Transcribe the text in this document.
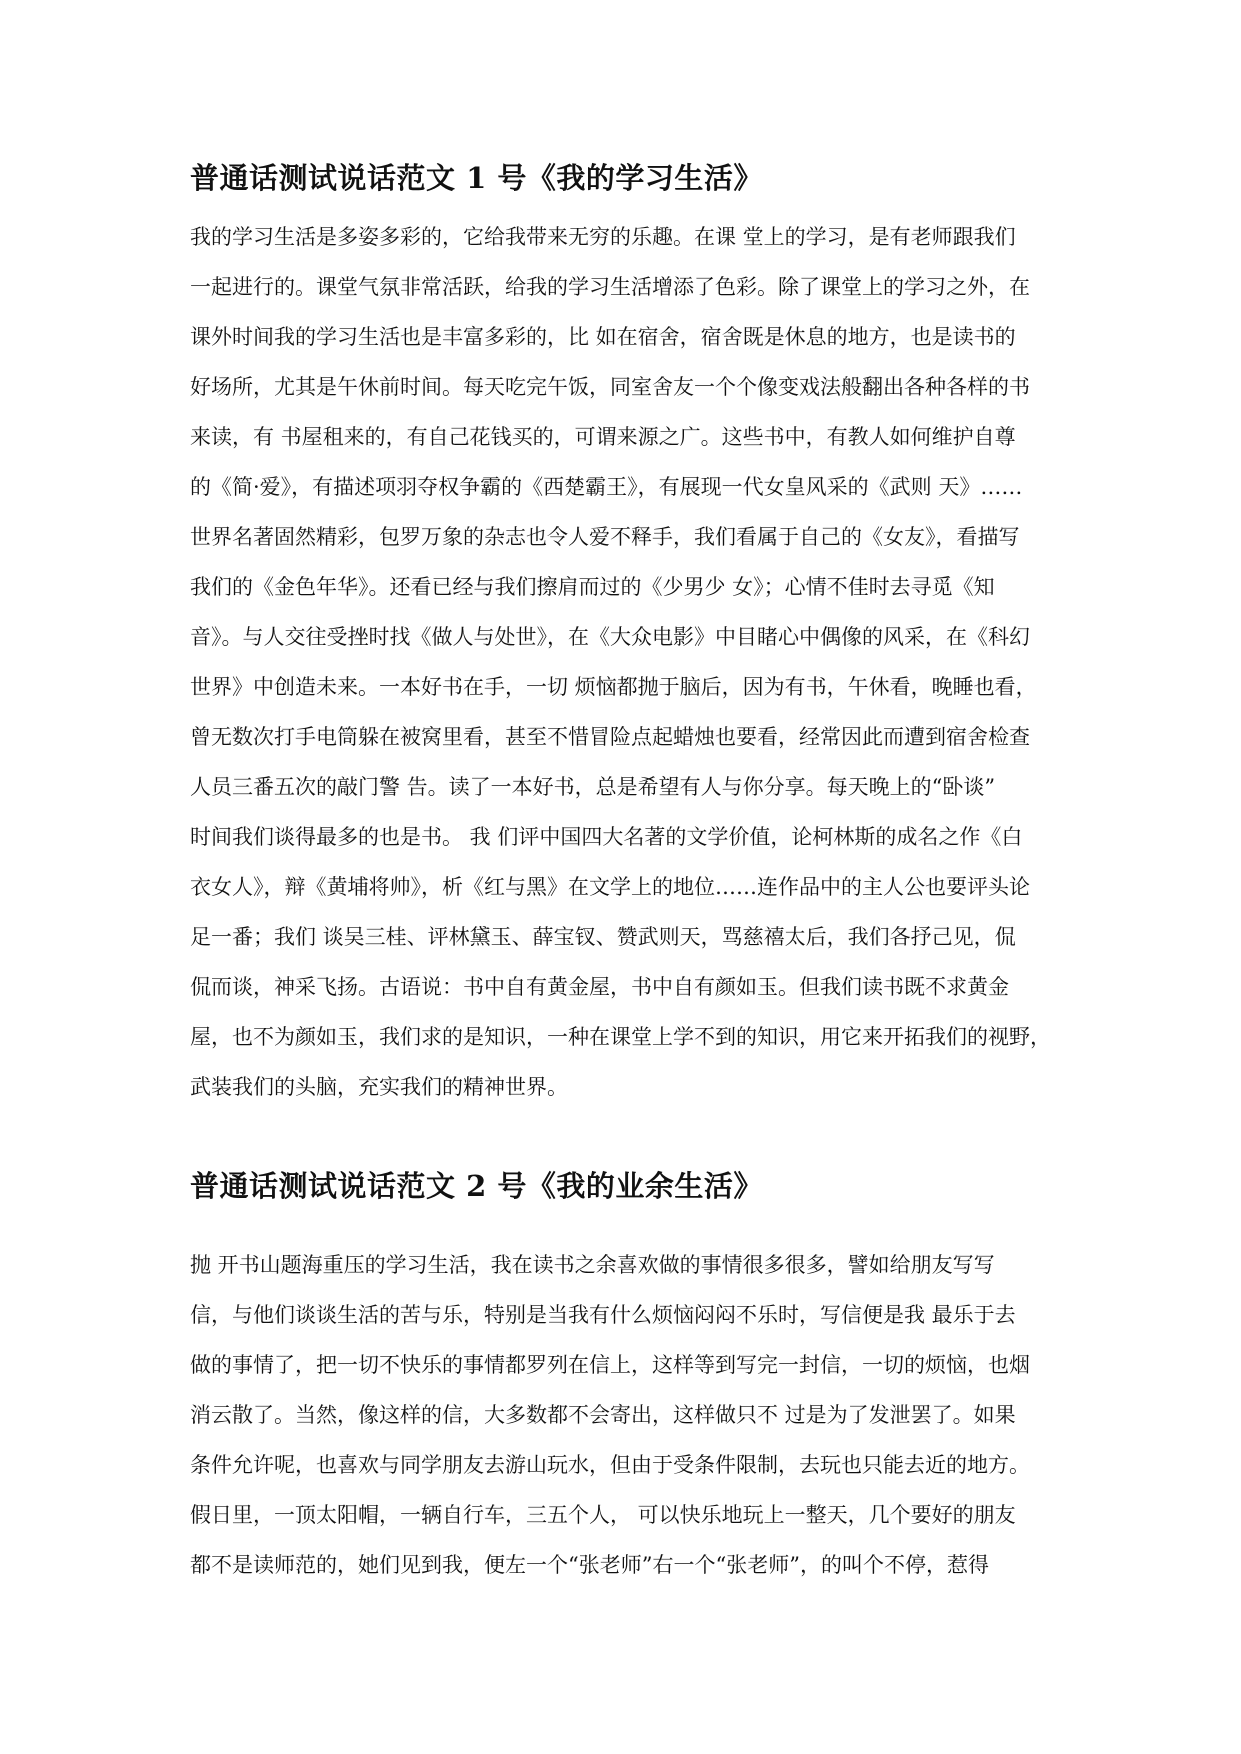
普通话测试说话范文 1 号《我的学习生活》
我的学习生活是多姿多彩的，它给我带来无穷的乐趣。在课 堂上的学习，是有老师跟我们
一起进行的。课堂气氛非常活跃，给我的学习生活增添了色彩。除了课堂上的学习之外，在
课外时间我的学习生活也是丰富多彩的，比 如在宿舍，宿舍既是休息的地方，也是读书的
好场所，尤其是午休前时间。每天吃完午饭，同室舍友一个个像变戏法般翻出各种各样的书
来读，有 书屋租来的，有自己花钱买的，可谓来源之广。这些书中，有教人如何维护自尊
的《简·爱》，有描述项羽夺权争霸的《西楚霸王》，有展现一代女皇风采的《武则 天》……
世界名著固然精彩，包罗万象的杂志也令人爱不释手，我们看属于自己的《女友》，看描写
我们的《金色年华》。还看已经与我们擦肩而过的《少男少 女》；心情不佳时去寻觅《知
音》。与人交往受挫时找《做人与处世》，在《大众电影》中目睹心中偶像的风采，在《科幻
世界》中创造未来。一本好书在手，一切 烦恼都抛于脑后，因为有书，午休看，晚睡也看，
曾无数次打手电筒躲在被窝里看，甚至不惜冒险点起蜡烛也要看，经常因此而遭到宿舍检查
人员三番五次的敲门警 告。读了一本好书，总是希望有人与你分享。每天晚上的“卧谈”
时间我们谈得最多的也是书。 我 们评中国四大名著的文学价值，论柯林斯的成名之作《白
衣女人》，辩《黄埔将帅》，析《红与黑》在文学上的地位……连作品中的主人公也要评头论
足一番；我们 谈吴三桂、评林黛玉、薛宝钗、赞武则天，骂慈禧太后，我们各抒己见，侃
侃而谈，神采飞扬。古语说：书中自有黄金屋，书中自有颜如玉。但我们读书既不求黄金
屋，也不为颜如玉，我们求的是知识，一种在课堂上学不到的知识，用它来开拓我们的视野，
武装我们的头脑，充实我们的精神世界。
普通话测试说话范文 2 号《我的业余生活》
抛 开书山题海重压的学习生活，我在读书之余喜欢做的事情很多很多，譬如给朋友写写
信，与他们谈谈生活的苦与乐，特别是当我有什么烦恼闷闷不乐时，写信便是我 最乐于去
做的事情了，把一切不快乐的事情都罗列在信上，这样等到写完一封信，一切的烦恼，也烟
消云散了。当然，像这样的信，大多数都不会寄出，这样做只不 过是为了发泄罢了。如果
条件允许呢，也喜欢与同学朋友去游山玩水，但由于受条件限制，去玩也只能去近的地方。
假日里，一顶太阳帽，一辆自行车，三五个人， 可以快乐地玩上一整天，几个要好的朋友
都不是读师范的，她们见到我，便左一个“张老师”右一个“张老师”，的叫个不停，惹得
